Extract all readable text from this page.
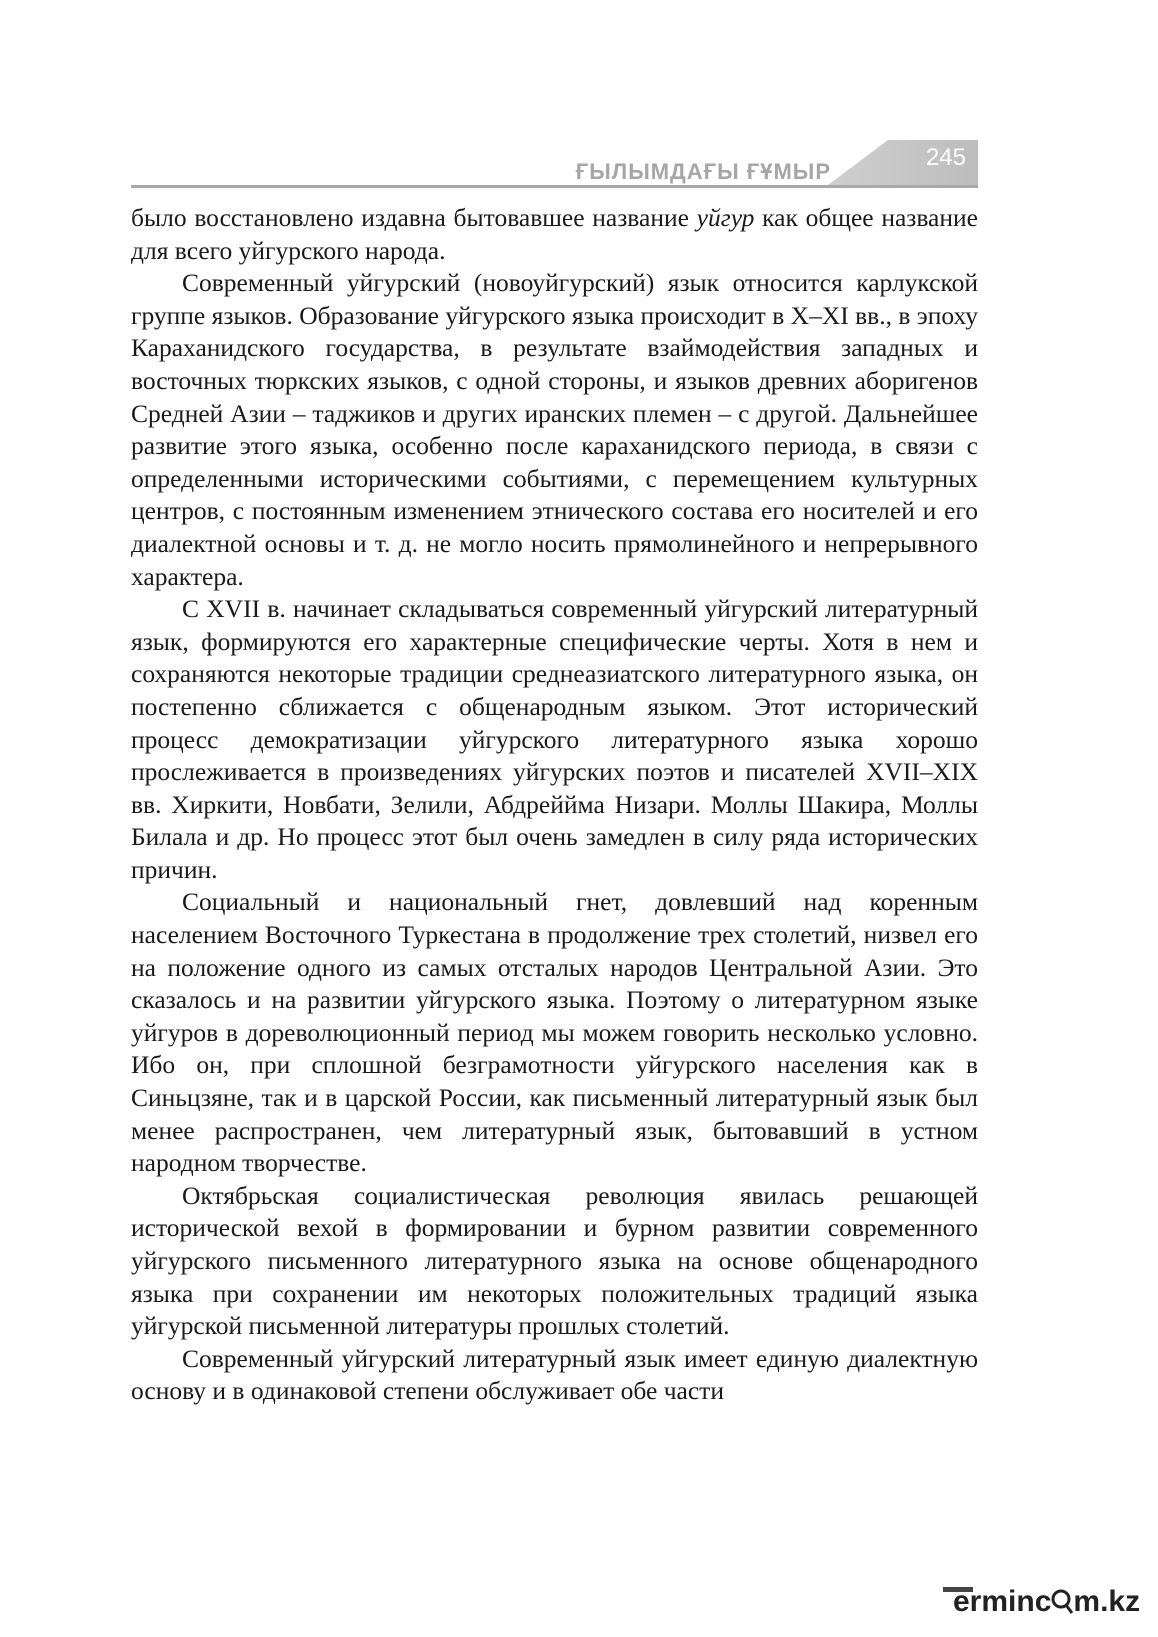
245
ҒЫЛЫМДАҒЫ ҒҰМЫР

было восстановлено издавна бытовавшее название уйгур как общее название для всего уйгурского народа.

Современный уйгурский (новоуйгурский) язык относится карлукской группе языков. Образование уйгурского языка происходит в X–XI вв., в эпоху Караханидского государства, в результате взаймодействия западных и восточных тюркских языков, с одной стороны, и языков древних аборигенов Средней Азии – таджиков и других иранских племен – с другой. Дальнейшее развитие этого языка, особенно после караханидского периода, в связи с определенными историческими событиями, с перемещением культурных центров, с постоянным изменением этнического состава его носителей и его диалектной основы и т. д. не могло носить прямолинейного и непрерывного характера.

С XVII в. начинает складываться современный уйгурский литературный язык, формируются его характерные специфические черты. Хотя в нем и сохраняются некоторые традиции среднеазиатского литературного языка, он постепенно сближается с общенародным языком. Этот исторический процесс демократизации уйгурского литературного языка хорошо прослеживается в произведениях уйгурских поэтов и писателей XVII–XIX вв. Хиркити, Новбати, Зелили, Абдреййма Низари. Моллы Шакира, Моллы Билала и др. Но процесс этот был очень замедлен в силу ряда исторических причин.

Социальный и национальный гнет, довлевший над коренным населением Восточного Туркестана в продолжение трех столетий, низвел его на положение одного из самых отсталых народов Центральной Азии. Это сказалось и на развитии уйгурского языка. Поэтому о литературном языке уйгуров в дореволюционный период мы можем говорить несколько условно. Ибо он, при сплошной безграмотности уйгурского населения как в Синьцзяне, так и в царской России, как письменный литературный язык был менее распространен, чем литературный язык, бытовавший в устном народном творчестве.

Октябрьская социалистическая революция явилась решающей исторической вехой в формировании и бурном развитии современного уйгурского письменного литературного языка на основе общенародного языка при сохранении им некоторых положительных традиций языка уйгурской письменной литературы прошлых столетий.

Современный уйгурский литературный язык имеет единую диалектную основу и в одинаковой степени обслуживает обе части

erminc m.kz
